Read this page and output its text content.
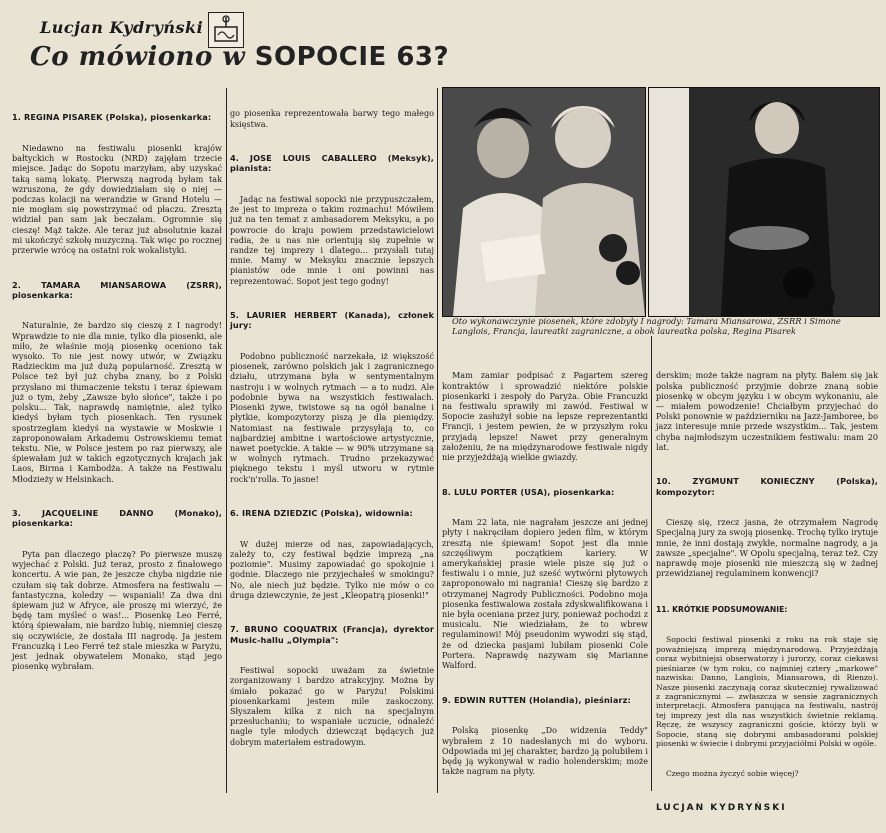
Lucjan Kydryński
Co mówiono w SOPOCIE 63?

1. REGINA PISAREK (Polska), piosenkarka:

Niedawno na festiwalu piosenki krajów bałtyckich w Rostocku (NRD) zajęłam trzecie miejsce. Jadąc do Sopotu marzyłam, aby uzyskać taką samą lokatę. Pierwszą nagrodą byłam tak wzruszona, że gdy dowiedziałam się o niej — podczas kolacji na werandzie w Grand Hotelu — nie mogłam się powstrzymać od płaczu. Zresztą widział pan sam jak beczałam. Ogromnie się cieszę! Mąż także. Ale teraz już absolutnie kazał mi ukończyć szkołę muzyczną. Tak więc po rocznej przerwie wrócę na ostatni rok wokalistyki.

2. TAMARA MIANSAROWA (ZSRR), piosenkarka:

Naturalnie, że bardzo się cieszę z I nagrody! Wprawdzie to nie dla mnie, tylko dla piosenki, ale miło, że właśnie moją piosenkę oceniono tak wysoko. To nie jest nowy utwór, w Związku Radzieckim ma już dużą popularność. Zresztą w Polsce też był już chyba znany, bo z Polski przysłano mi tłumaczenie tekstu i teraz śpiewam już o tym, żeby „Zawsze było słońce", także i po polsku... Tak, naprawdę namiętnie, ależ tylko kiedyś byłam tych piosenkach. Ten rysunek spostrzegłam kiedyś na wystawie w Moskwie i zaproponowałam Arkademu Ostrowskiemu temat tekstu. Nie, w Polsce jestem po raz pierwszy, ale śpiewałam już w takich egzotycznych krajach jak Laos, Birma i Kambodża. A także na Festiwalu Młodzieży w Helsinkach.

3. JACQUELINE DANNO (Monako), piosenkarka:

Pyta pan dlaczego płaczę? Po pierwsze muszę wyjechać z Polski. Już teraz, prosto z finałowego koncertu. A wie pan, że jeszcze chyba nigdzie nie czułam się tak dobrze. Atmosfera na festiwalu — fantastyczna, koledzy — wspaniali! Za dwa dni śpiewam już w Afryce, ale proszę mi wierzyć, że będę tam myśleć o was!... Piosenkę Leo Ferré, którą śpiewałam, nie bardzo lubię, niemniej cieszę się oczywiście, że dostała III nagrodę. Ja jestem Francuzką i Leo Ferré też stale mieszka w Paryżu, jest jednak obywatelem Monako, stąd jego piosenkę wybrałam.

go piosenka reprezentowała barwy tego małego księstwa.

4. JOSE LOUIS CABALLERO (Meksyk), pianista:

Jadąc na festiwal sopocki nie przypuszczałem, że jest to impreza o takim rozmachu! Mówiłem już na ten temat z ambasadorem Meksyku, a po powrocie do kraju powiem przedstawicielowi radia, że u nas nie orientują się zupełnie w randze tej imprezy i dlatego... przysłali tutaj mnie. Mamy w Meksyku znacznie lepszych pianistów ode mnie i oni powinni nas reprezentować. Sopot jest tego godny!

5. LAURIER HERBERT (Kanada), członek jury:

Podobno publiczność narzekała, iż większość piosenek, zarówno polskich jak i zagranicznego działu, utrzymana była w sentymentalnym nastroju i w wolnych rytmach — a to nudzi. Ale podobnie bywa na wszystkich festiwalach. Piosenki żywe, twistowe są na ogół banalne i płytkie, kompozytorzy piszą je dla pieniędzy. Natomiast na festiwale przysyłają to, co najbardziej ambitne i wartościowe artystycznie, nawet poetyckie. A takie — w 90% utrzymane są w wolnych rytmach. Trudno przekazywać pięknego tekstu i myśl utworu w rytmie rock'n'rolla. To jasne!

6. IRENA DZIEDZIC (Polska), widownia:

W dużej mierze od nas, zapowiadających, zależy to, czy festiwal będzie imprezą „na poziomie". Musimy zapowiadać go spokojnie i godnie. Dlaczego nie przyjechałeś w smokingu? No, ale niech już będzie. Tylko nie mów o co druga dziewczynie, że jest „Kleopatrą piosenki!"

7. BRUNO COQUATRIX (Francja), dyrektor Music-hallu „Olympia":

Festiwal sopocki uważam za świetnie zorganizowany i bardzo atrakcyjny. Można by śmiało pokazać go w Paryżu! Polskimi piosenkarkami jestem mile zaskoczony. Słyszałem kilka z nich na specjalnym przesłuchaniu; to wspaniałe uczucie, odnaleźć nagle tyle młodych dziewcząt będących już dobrym materiałem estradowym.

Oto wykonawczynie piosenek, które zdobyły I nagrody: Tamara Miansarowa, ZSRR i Simone Langlois, Francja, laureatki zagraniczne, a obok laureatka polska, Regina Pisarek

Mam zamiar podpisać z Pagartem szereg kontraktów i sprowadzić niektóre polskie piosenkarki i zespoły do Paryża. Obie Francuzki na festiwalu sprawiły mi zawód. Festiwal w Sopocie zasłużył sobie na lepsze reprezentantki Francji, i jestem pewien, że w przyszłym roku przyjadą lepsze! Nawet przy generalnym założeniu, że na międzynarodowe festiwale nigdy nie przyjeżdżają wielkie gwiazdy.

8. LULU PORTER (USA), piosenkarka:

Mam 22 lata, nie nagrałam jeszcze ani jednej płyty i nakręciłam dopiero jeden film, w którym zresztą nie śpiewam! Sopot jest dla mnie szczęśliwym początkiem kariery. W amerykańskiej prasie wiele pisze się już o festiwalu i o mnie, już sześć wytwórni płytowych zaproponowało mi nagrania! Cieszę się bardzo z otrzymanej Nagrody Publiczności. Podobno moja piosenka festiwalowa została zdyskwalifikowana i nie była oceniana przez jury, ponieważ pochodzi z musicalu. Nie wiedziałam, że to wbrew regulaminowi! Mój pseudonim wywodzi się stąd, że od dziecka pasjami lubiłam piosenki Cole Portera. Naprawdę nazywam się Marianne Walford.

9. EDWIN RUTTEN (Holandia), pieśniarz:

Polską piosenkę „Do widzenia Teddy" wybrałem z 10 nadesłanych mi do wyboru. Odpowiada mi jej charakter, bardzo ją polubiłem i będę ją wykonywał w radio holenderskim; może także nagram na płyty.

derskim; może także nagram na płyty. Bałem się jak polska publiczność przyjmie dobrze znaną sobie piosenkę w obcym języku i w obcym wykonaniu, ale — miałem powodzenie! Chciałbym przyjechać do Polski ponownie w październiku na Jazz-Jamboree, bo jazz interesuje mnie przede wszystkim... Tak, jestem chyba najmłodszym uczestnikiem festiwalu: mam 20 lat.

10. ZYGMUNT KONIECZNY (Polska), kompozytor:

Cieszę się, rzecz jasna, że otrzymałem Nagrodę Specjalną jury za swoją piosenkę. Trochę tylko irytuje mnie, że inni dostają zwykłe, normalne nagrody, a ja zawsze „specjalne". W Opolu specjalną, teraz też. Czy naprawdę moje piosenki nie mieszczą się w żadnej przewidzianej regulaminem konwencji?

11. KRÓTKIE PODSUMOWANIE:

Sopocki festiwal piosenki z roku na rok staje się poważniejszą imprezą międzynarodową. Przyjeżdżają coraz wybitniejsi obserwatorzy i jurorzy, coraz ciekawsi pieśniarze (w tym roku, co najmniej cztery „markowe" nazwiska: Danno, Langlois, Miansarowa, di Rienzo). Nasze piosenki zaczynają coraz skuteczniej rywalizować z zagranicznymi — zwłaszcza w sensie zagranicznych interpretacji. Atmosfera panująca na festiwalu, nastrój tej imprezy jest dla nas wszystkich świetnie reklamą. Ręczę, że wszyscy zagraniczni goście, którzy byli w Sopocie, staną się dobrymi ambasadorami polskiej piosenki w świecie i dobrymi przyjaciółmi Polski w ogóle.

Czego można życzyć sobie więcej?

LUCJAN KYDRYŃSKI
